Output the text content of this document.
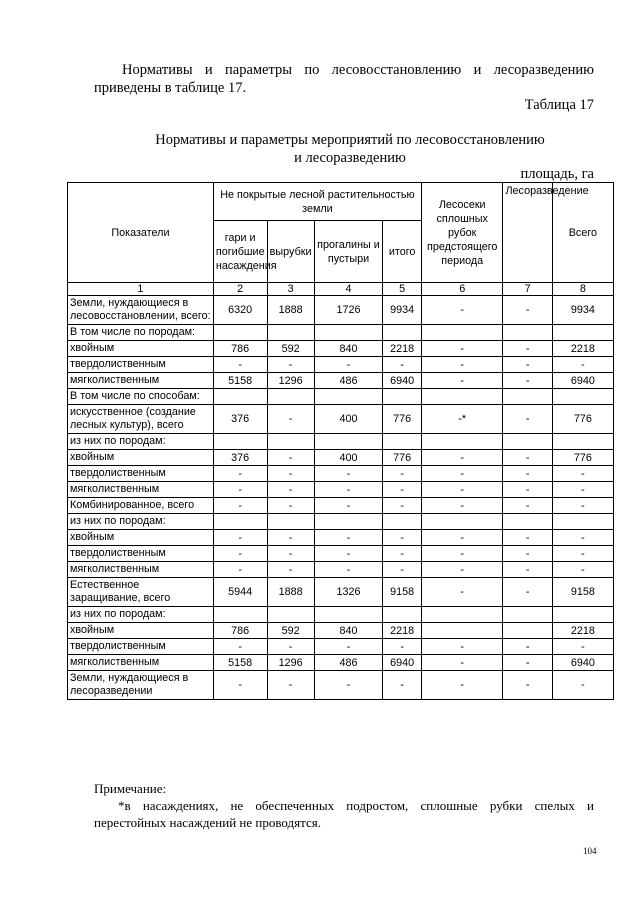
Нормативы и параметры по лесовосстановлению и лесоразведению приведены в таблице 17.

Таблица 17
Нормативы и параметры мероприятий по лесовосстановлению
и лесоразведению
площадь, га
Показатели	Не покрытые лесной растительностью земли				Лесосеки сплошных рубок предстоящего периода	Лесоразведение	Всего
	гари и погибшие насаждения	вырубки	прогалины и пустыри	итого			
1	2	3	4	5	6	7	8
Земли, нуждающиеся в лесовосстановлении, всего:	6320	1888	1726	9934	-	-	9934
В том числе по породам:							
хвойным	786	592	840	2218	-	-	2218
твердолиственным	-	-	-	-	-	-	-
мягколиственным	5158	1296	486	6940	-	-	6940
В том числе по способам:							
искусственное (создание лесных культур), всего	376	-	400	776	-*	-	776
из них по породам:							
хвойным	376	-	400	776	-	-	776
твердолиственным	-	-	-	-	-	-	-
мягколиственным	-	-	-	-	-	-	-
Комбинированное, всего	-	-	-	-	-	-	-
из них по породам:							
хвойным	-	-	-	-	-	-	-
твердолиственным	-	-	-	-	-	-	-
мягколиственным	-	-	-	-	-	-	-
Естественное заращивание, всего	5944	1888	1326	9158	-	-	9158
из них по породам:							
хвойным	786	592	840	2218			2218
твердолиственным	-	-	-	-	-	-	-
мягколиственным	5158	1296	486	6940	-	-	6940
Земли, нуждающиеся в лесоразведении	-	-	-	-	-	-	-

Примечание:

*в насаждениях, не обеспеченных подростом, сплошные рубки спелых и перестойных насаждений не проводятся.

104
